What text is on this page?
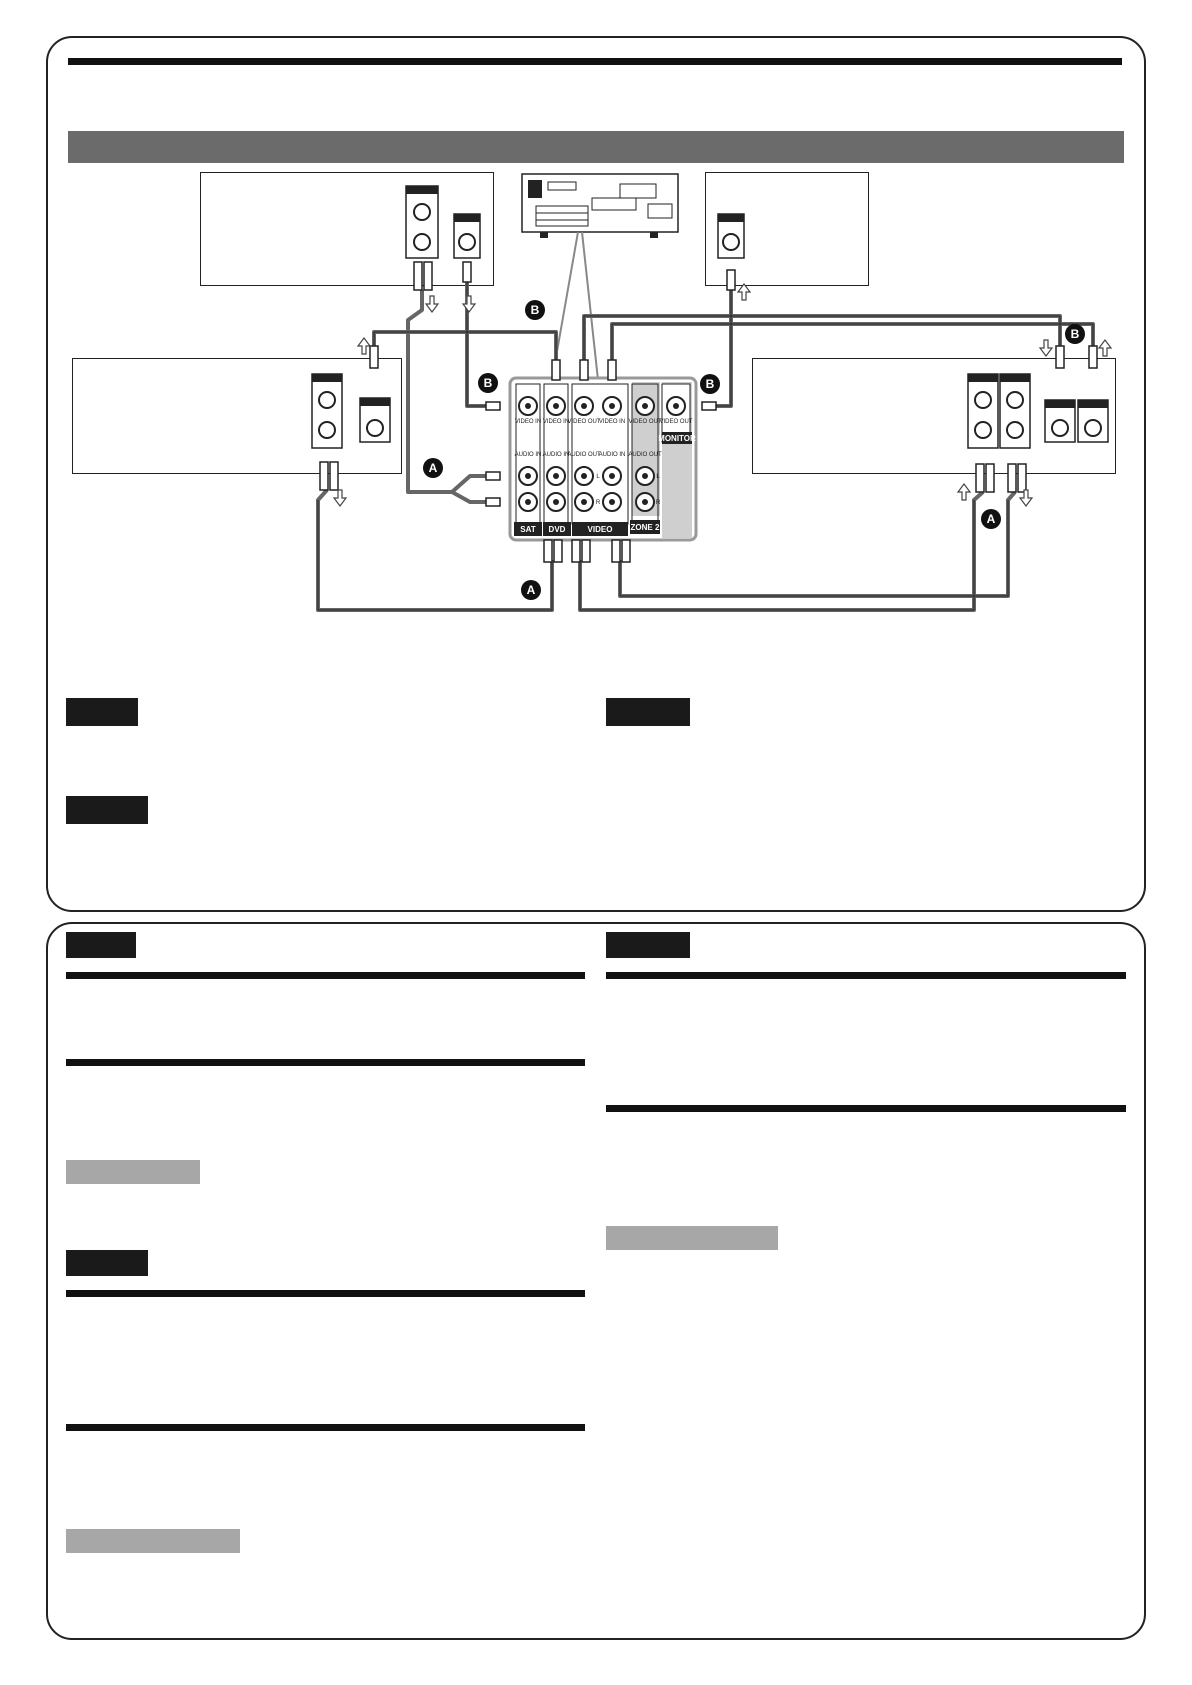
VIDEO IN VIDEO IN
VIDEO OUT
VIDEO IN VIDEO OUT
VIDEO OUT
AUDIO IN AUDIO IN
AUDIO OUT
AUDIO IN AUDIO OUT
L
R
L
R
SAT DVD	VIDEO ZONE 2
MONITOR
B
B	B
B
A
A
A
